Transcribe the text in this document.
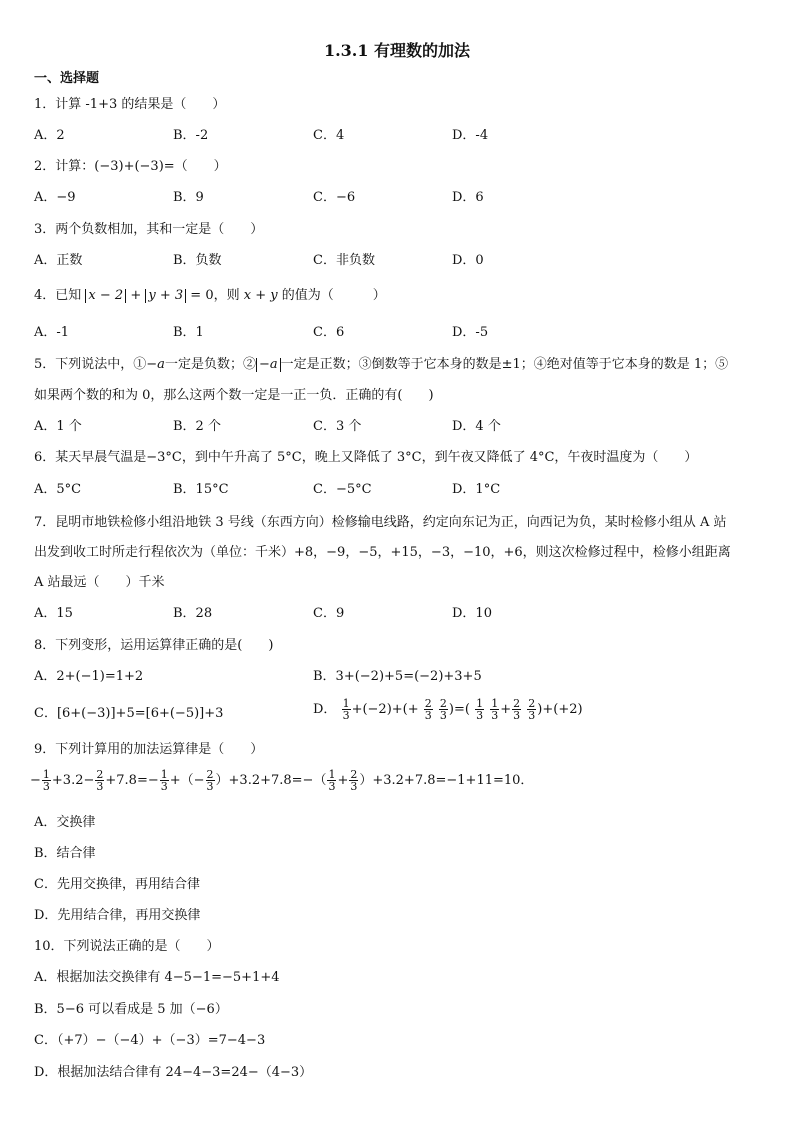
1.3.1 有理数的加法
一、选择题
1．计算 -1+3 的结果是（　　）
A．2	B．-2	C．4	D．-4
2．计算：(−3)+(−3)=（　　）
A．−9	B．9	C．−6	D．6
3．两个负数相加，其和一定是（　　）
A．正数	B．负数	C．非负数	D．0
4．已知 x − 2 + y + 3 = 0，则 x + y 的值为（　　　）
A．-1	B．1	C．6	D．-5
5．下列说法中，①−a一定是负数；② −a 一定是正数；③倒数等于它本身的数是±1；④绝对值等于它本身的数是 1；⑤
如果两个数的和为 0，那么这两个数一定是一正一负．正确的有(　　)
A．1 个	B．2 个	C．3 个	D．4 个
6．某天早晨气温是−3°C，到中午升高了 5°C，晚上又降低了 3°C，到午夜又降低了 4°C，午夜时温度为（　　）
A．5°C	B．15°C	C．−5°C	D．1°C
7．昆明市地铁检修小组沿地铁 3 号线（东西方向）检修输电线路，约定向东记为正，向西记为负，某时检修小组从 A 站
出发到收工时所走行程依次为（单位：千米）+8，−9，−5，+15，−3，−10，+6，则这次检修过程中，检修小组距离
A 站最远（　　）千米
A．15	B．28	C．9	D．10
8．下列变形，运用运算律正确的是(　　)
A．2+(−1)=1+2	B．3+(−2)+5=(−2)+3+5
C．[6+(−3)]+5=[6+(−5)]+3	D． $\frac{1}{3} +(-2)+(+ \frac{2}{3}$
$\frac{2}{3}$ )=( $\frac{1}{3}$
$\frac{1}{3} + \frac{2}{3}$
$\frac{2}{3} )+(+2)$
9．下列计算用的加法运算律是（　　）
− $\frac{1}{3} +3.2- \frac{2}{3} +7.8=- \frac{1}{3}$ +（− $\frac{2}{3} )+3.2+7.8=-( \frac{1}{3} + \frac{2}{3} )+3.2+7.8=-1+11=10$．
A．交换律
B．结合律
C．先用交换律，再用结合律
D．先用结合律，再用交换律
10．下列说法正确的是（　　）
A．根据加法交换律有 4−5−1=−5+1+4
B．5−6 可以看成是 5 加（−6）
C．（+7）−（−4）+（−3）=7−4−3
D．根据加法结合律有 24−4−3=24−（4−3）
